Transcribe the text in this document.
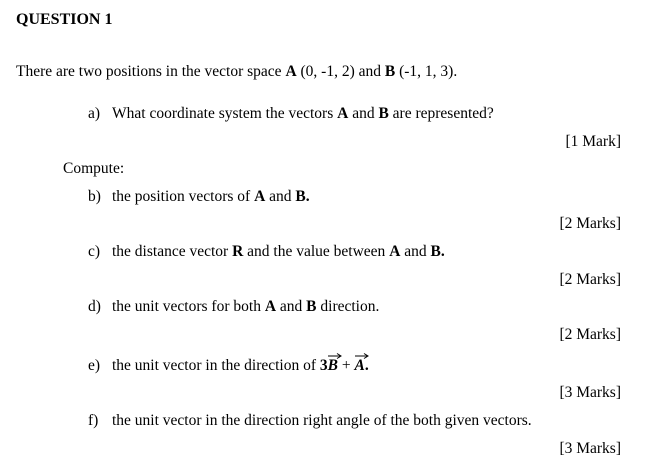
QUESTION 1
There are two positions in the vector space A (0, -1, 2) and B (-1, 1, 3).
a) What coordinate system the vectors A and B are represented?
[1 Mark]
Compute:
b) the position vectors of A and B.
[2 Marks]
c) the distance vector R and the value between A and B.
[2 Marks]
d) the unit vectors for both A and B direction.
[2 Marks]
e) the unit vector in the direction of 3
B +
A.
[3 Marks]
f) the unit vector in the direction right angle of the both given vectors.
[3 Marks]
